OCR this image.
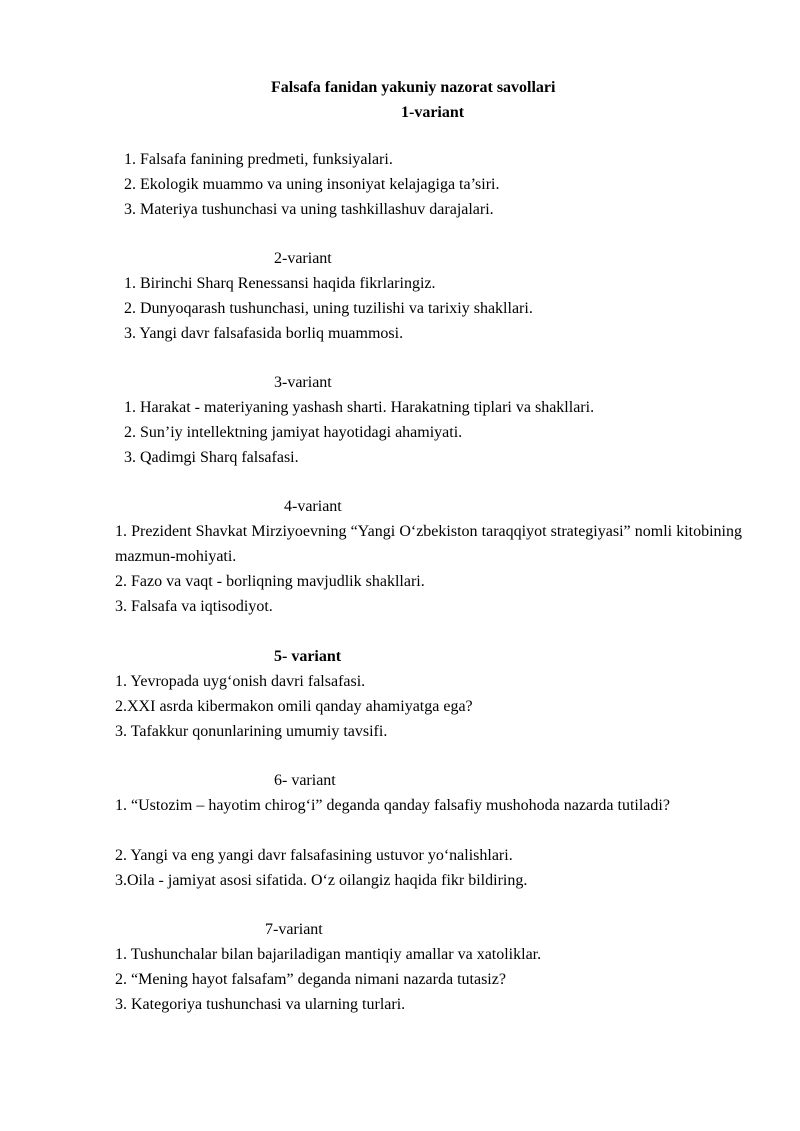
Falsafa fanidan yakuniy nazorat savollari
1-variant
1. Falsafa fanining predmeti, funksiyalari.
2. Ekologik muammo va uning insoniyat kelajagiga ta’siri.
3. Materiya tushunchasi va uning tashkillashuv darajalari.
2-variant
1. Birinchi Sharq Renessansi haqida fikrlaringiz.
2. Dunyoqarash tushunchasi, uning tuzilishi va tarixiy shakllari.
3. Yangi davr falsafasida borliq muammosi.
3-variant
1. Harakat - materiyaning yashash sharti. Harakatning tiplari va shakllari.
2. Sun’iy intellektning jamiyat hayotidagi ahamiyati.
3. Qadimgi Sharq falsafasi.
4-variant
1. Prezident Shavkat Mirziyoevning “Yangi O‘zbekiston taraqqiyot strategiyasi” nomli kitobining mazmun-mohiyati.
2. Fazo va vaqt - borliqning mavjudlik shakllari.
3. Falsafa va iqtisodiyot.
5- variant
1. Yevropada uyg‘onish davri falsafasi.
2.XXI asrda kibermakon omili qanday ahamiyatga ega?
3. Tafakkur qonunlarining umumiy tavsifi.
6- variant
1. “Ustozim – hayotim chirog‘i” deganda qanday falsafiy mushohoda nazarda tutiladi?
2. Yangi va eng yangi davr falsafasining ustuvor yo‘nalishlari.
3.Oila - jamiyat asosi sifatida. O‘z oilangiz haqida fikr bildiring.
7-variant
1. Tushunchalar bilan bajariladigan mantiqiy amallar va xatoliklar.
2. “Mening hayot falsafam” deganda nimani nazarda tutasiz?
3. Kategoriya tushunchasi va ularning turlari.
